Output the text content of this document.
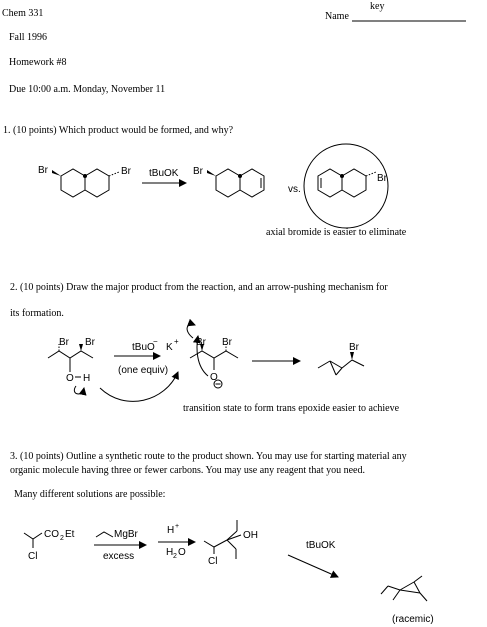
Chem 331	Name
key
Fall 1996
Homework #8
Due 10:00 a.m. Monday, November 11
1. (10 points) Which product would be formed, and why?
2. (10 points) Draw the major product from the reaction, and an arrow-pushing mechanism for
its formation.
3. (10 points) Outline a synthetic route to the product shown. You may use for starting material any
organic molecule having three or fewer carbons. You may use any reagent that you need.
Many different solutions are possible:
Br	Br tBuOK Br
vs.
Br
axial bromide is easier to eliminate
Br Br
O H
tBuO
−
K
+
(one equiv)
Br Br
O
Br
transition state to form trans epoxide easier to achieve
CO 2 Et
Cl
MgBr
excess
H +
H 2 O
OH
Cl
tBuOK
(racemic)
